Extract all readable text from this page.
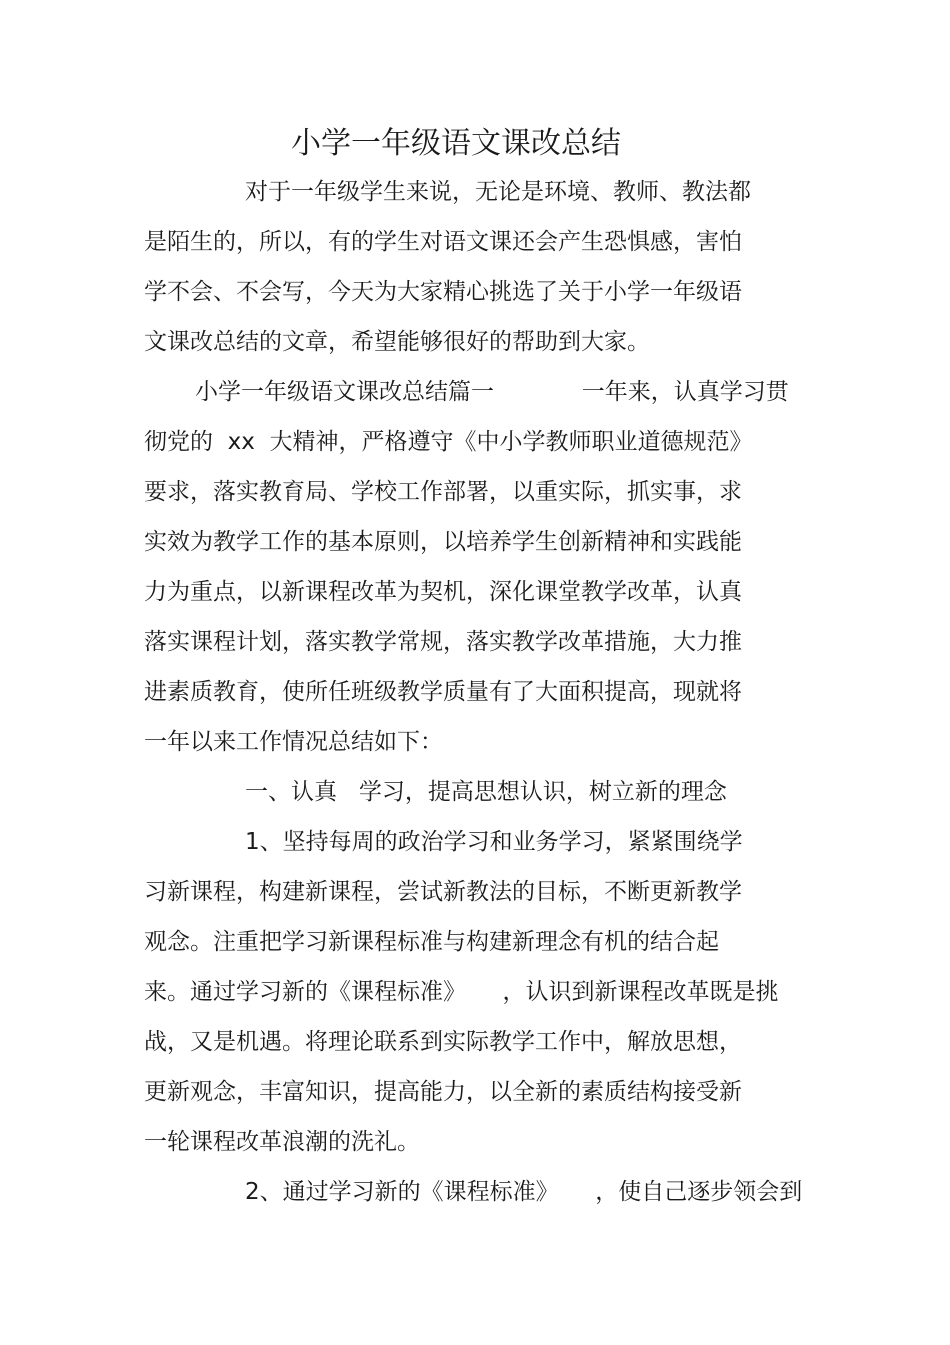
小学一年级语文课改总结
对于一年级学生来说，无论是环境、教师、教法都
是陌生的，所以，有的学生对语文课还会产生恐惧感，害怕
学不会、不会写，今天为大家精心挑选了关于小学一年级语
文课改总结的文章，希望能够很好的帮助到大家。
小学一年级语文课改总结篇一            一年来，认真学习贯
彻党的  xx  大精神，严格遵守《中小学教师职业道德规范》
要求，落实教育局、学校工作部署，以重实际，抓实事，求
实效为教学工作的基本原则，以培养学生创新精神和实践能
力为重点，以新课程改革为契机，深化课堂教学改革，认真
落实课程计划，落实教学常规，落实教学改革措施，大力推
进素质教育，使所任班级教学质量有了大面积提高，现就将
一年以来工作情况总结如下：
一、认真   学习，提高思想认识，树立新的理念
1、坚持每周的政治学习和业务学习，紧紧围绕学
习新课程，构建新课程，尝试新教法的目标，不断更新教学
观念。注重把学习新课程标准与构建新理念有机的结合起
来。通过学习新的《课程标准》     ，认识到新课程改革既是挑
战，又是机遇。将理论联系到实际教学工作中，解放思想，
更新观念，丰富知识，提高能力，以全新的素质结构接受新
一轮课程改革浪潮的洗礼。
2、通过学习新的《课程标准》     ，使自己逐步领会到
